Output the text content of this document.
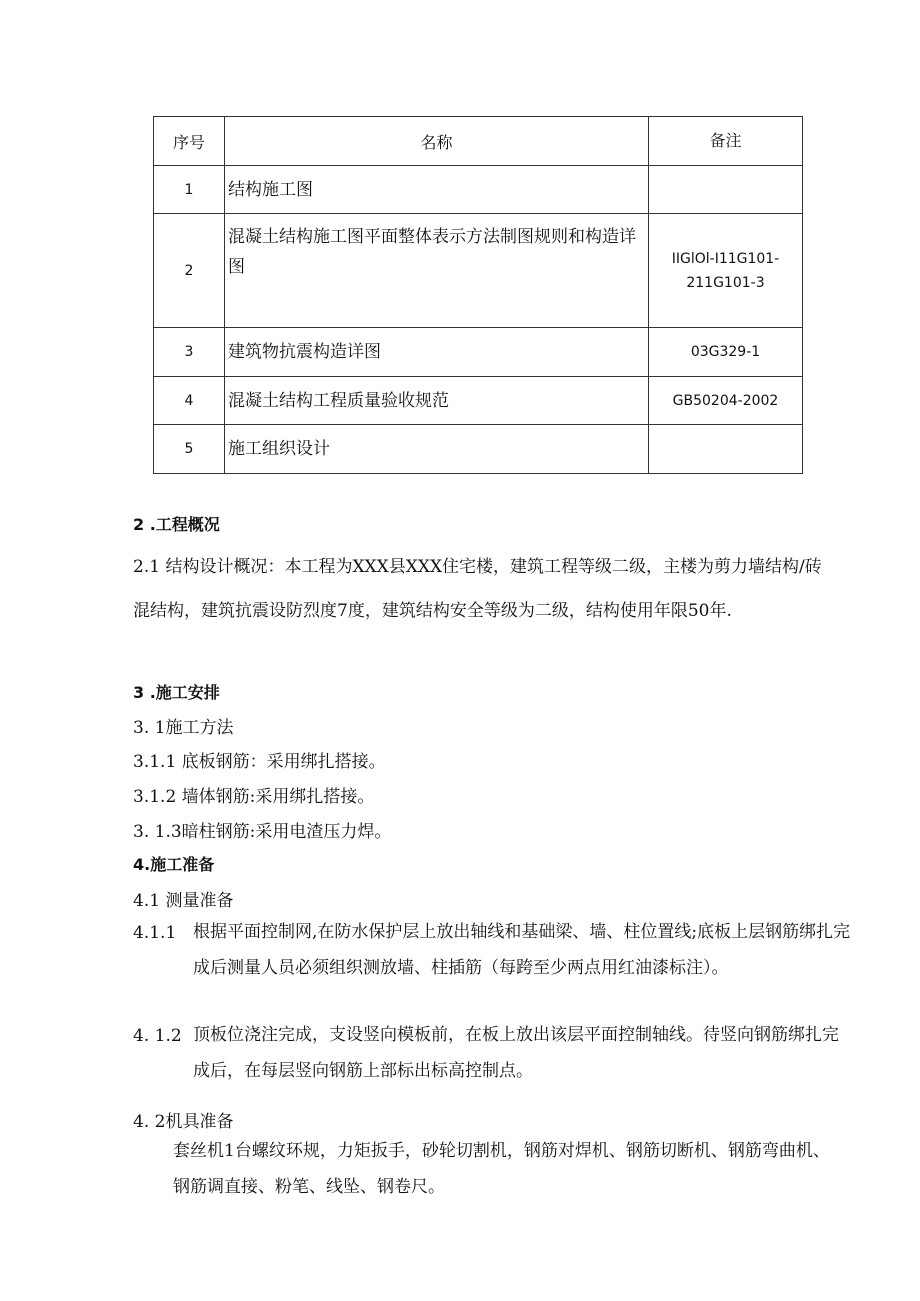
序号	名称	备注
1	结构施工图	
2	混凝土结构施工图平面整体表示方法制图规则和构造详图	IIGlOl-I11G101-
211G101-3

3	建筑物抗震构造详图	03G329-1
4	混凝土结构工程质量验收规范	GB50204-2002
5	施工组织设计	
2 .工程概况
2.1 结构设计概况：本工程为XXX县XXX住宅楼，建筑工程等级二级，主楼为剪力墙结构/砖混结构，建筑抗震设防烈度7度，建筑结构安全等级为二级，结构使用年限50年.
3 .施工安排
3. 1施工方法
3.1.1 底板钢筋：采用绑扎搭接。
3.1.2 墙体钢筋:采用绑扎搭接。
3. 1.3暗柱钢筋:采用电渣压力焊。
4.施工准备
4.1 测量准备
4.1.1 根据平面控制网,在防水保护层上放出轴线和基础梁、墙、柱位置线;底板上层钢筋绑扎完成后测量人员必须组织测放墙、柱插筋（每跨至少两点用红油漆标注）。
4. 1.2 顶板位浇注完成，支设竖向模板前，在板上放出该层平面控制轴线。待竖向钢筋绑扎完成后，在每层竖向钢筋上部标出标高控制点。
4. 2机具准备
套丝机1台螺纹环规，力矩扳手，砂轮切割机，钢筋对焊机、钢筋切断机、钢筋弯曲机、钢筋调直接、粉笔、线坠、钢卷尺。
